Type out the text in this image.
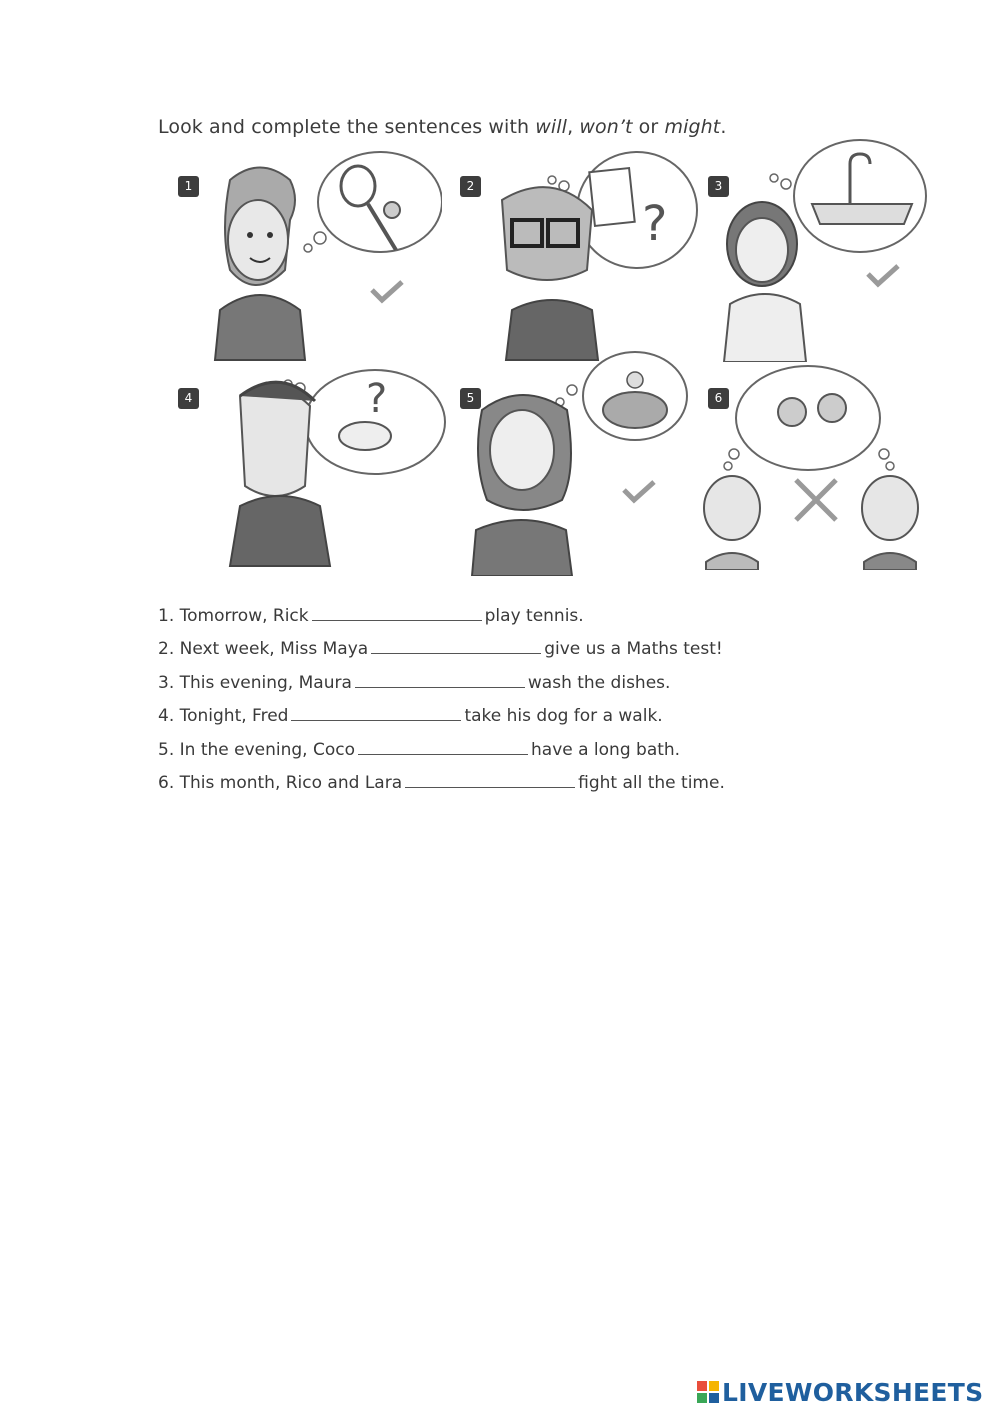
Look and complete the sentences with will, won’t or might.
1	2
?
3
4	?	5	6
1. Tomorrow, Rick	play tennis.
2. Next week, Miss Maya	give us a Maths test!
3. This evening, Maura	wash the dishes.
4. Tonight, Fred	take his dog for a walk.
5. In the evening, Coco	have a long bath.
6. This month, Rico and Lara	fight all the time.
LIVEWORKSHEETS
